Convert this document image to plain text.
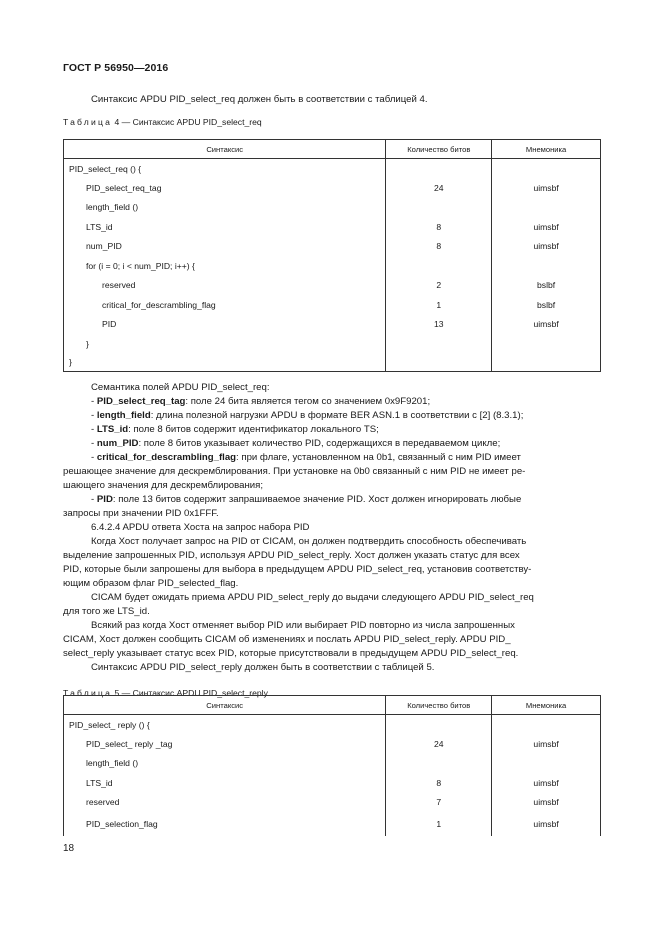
ГОСТ Р 56950—2016
Синтаксис APDU PID_select_req должен быть в соответствии с таблицей 4.
Таблица 4 — Синтаксис APDU PID_select_req
Синтаксис	Количество битов	Мнемоника
PID_select_req () {		
PID_select_req_tag	24	uimsbf
length_field ()		
LTS_id	8	uimsbf
num_PID	8	uimsbf
for (i = 0; i < num_PID; i++) {		
reserved	2	bslbf
critical_for_descrambling_flag	1	bslbf
PID	13	uimsbf
}		
}		
Семантика полей APDU PID_select_req:
- PID_select_req_tag: поле 24 бита является тегом со значением 0x9F9201;
- length_field: длина полезной нагрузки APDU в формате BER ASN.1 в соответствии с [2] (8.3.1);
- LTS_id: поле 8 битов содержит идентификатор локального TS;
- num_PID: поле 8 битов указывает количество PID, содержащихся в передаваемом цикле;
- critical_for_descrambling_flag: при флаге, установленном на 0b1, связанный с ним PID имеет
решающее значение для дескремблирования. При установке на 0b0 связанный с ним PID не имеет ре-
шающего значения для дескремблирования;
- PID: поле 13 битов содержит запрашиваемое значение PID. Хост должен игнорировать любые
запросы при значении PID 0x1FFF.
6.4.2.4 APDU ответа Хоста на запрос набора PID
Когда Хост получает запрос на PID от CICAM, он должен подтвердить способность обеспечивать
выделение запрошенных PID, используя APDU PID_select_reply. Хост должен указать статус для всех
PID, которые были запрошены для выбора в предыдущем APDU PID_select_req, установив соответству-
ющим образом флаг PID_selected_flag.
CICAM будет ожидать приема APDU PID_select_reply до выдачи следующего APDU PID_select_req
для того же LTS_id.
Всякий раз когда Хост отменяет выбор PID или выбирает PID повторно из числа запрошенных
CICAM, Хост должен сообщить CICAM об изменениях и послать APDU PID_select_reply. APDU PID_
select_reply указывает статус всех PID, которые присутствовали в предыдущем APDU PID_select_req.
Синтаксис APDU PID_select_reply должен быть в соответствии с таблицей 5.
Таблица 5 — Синтаксис APDU PID_select_reply
Синтаксис	Количество битов	Мнемоника
PID_select_ reply () {		
PID_select_ reply _tag	24	uimsbf
length_field ()		
LTS_id	8	uimsbf
reserved	7	uimsbf
PID_selection_flag	1	uimsbf
18
